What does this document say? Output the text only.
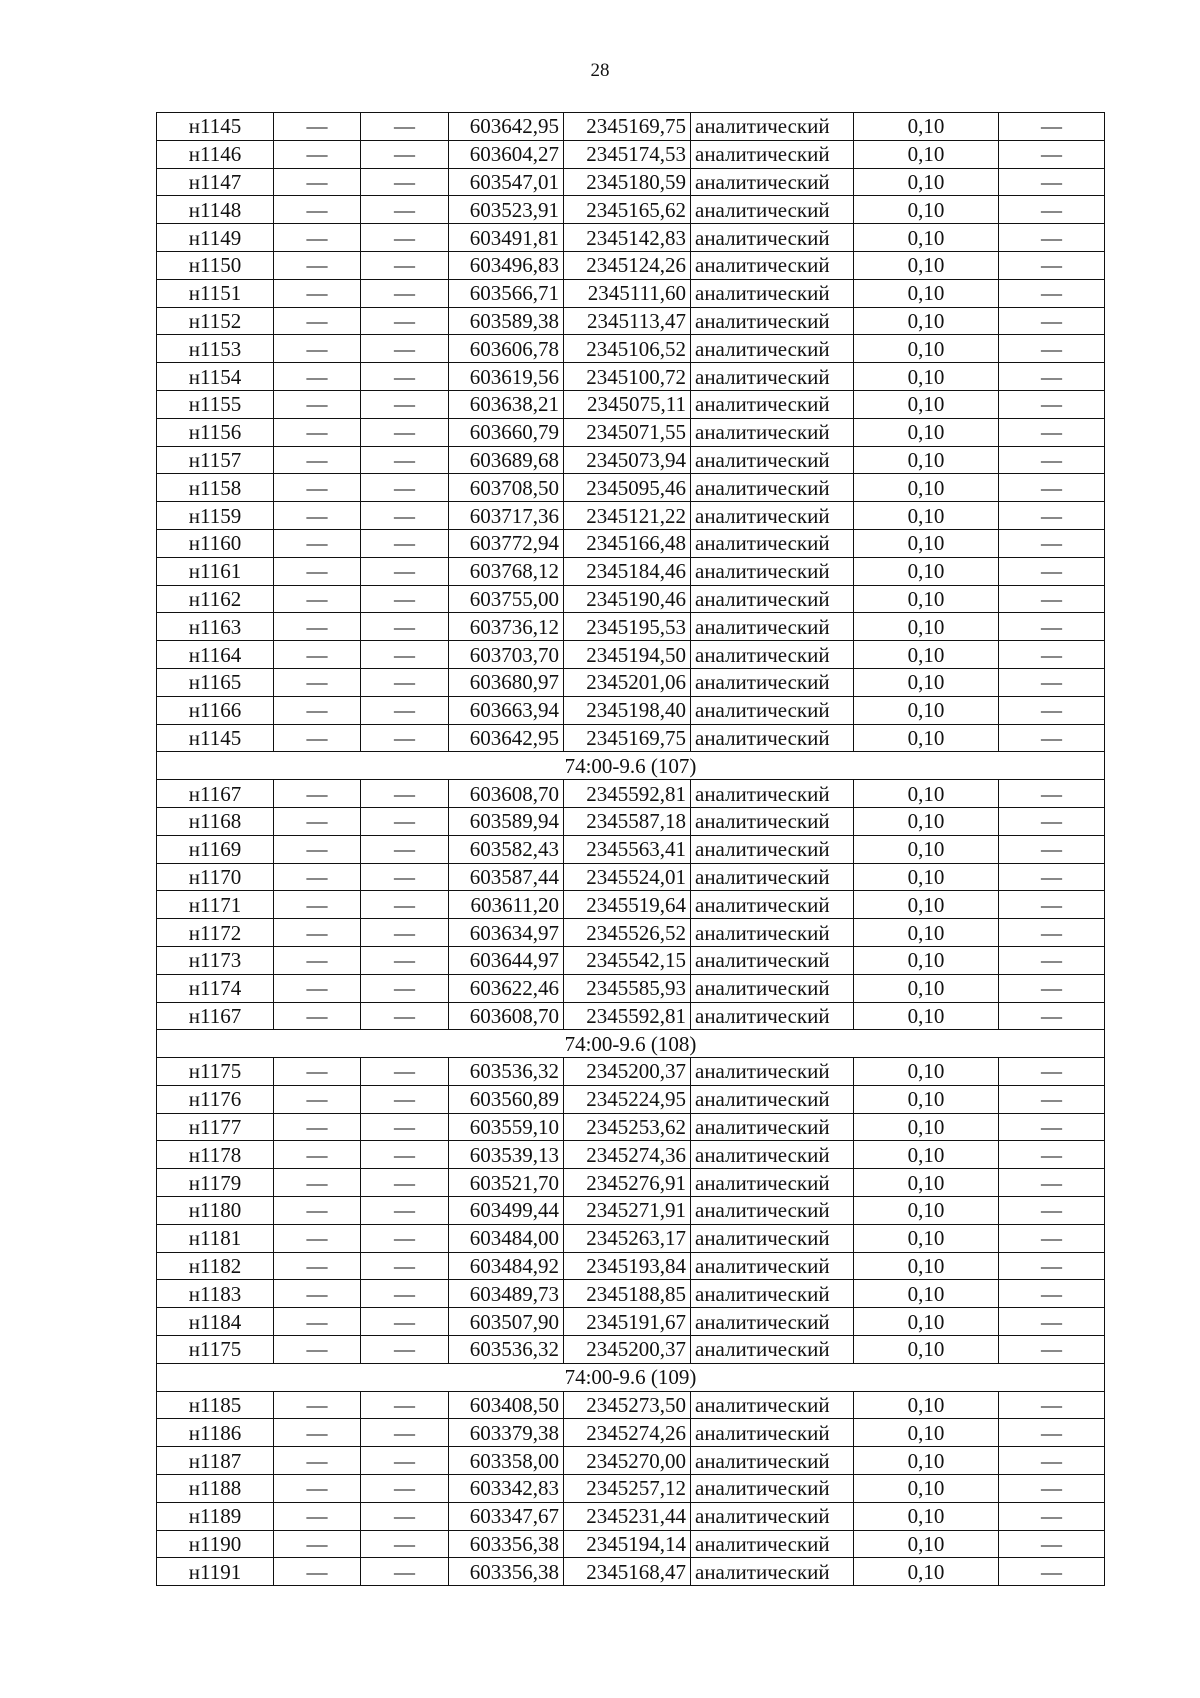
28
н1145	—	—	603642,95	2345169,75	аналитический	0,10	—
н1146	—	—	603604,27	2345174,53	аналитический	0,10	—
н1147	—	—	603547,01	2345180,59	аналитический	0,10	—
н1148	—	—	603523,91	2345165,62	аналитический	0,10	—
н1149	—	—	603491,81	2345142,83	аналитический	0,10	—
н1150	—	—	603496,83	2345124,26	аналитический	0,10	—
н1151	—	—	603566,71	2345111,60	аналитический	0,10	—
н1152	—	—	603589,38	2345113,47	аналитический	0,10	—
н1153	—	—	603606,78	2345106,52	аналитический	0,10	—
н1154	—	—	603619,56	2345100,72	аналитический	0,10	—
н1155	—	—	603638,21	2345075,11	аналитический	0,10	—
н1156	—	—	603660,79	2345071,55	аналитический	0,10	—
н1157	—	—	603689,68	2345073,94	аналитический	0,10	—
н1158	—	—	603708,50	2345095,46	аналитический	0,10	—
н1159	—	—	603717,36	2345121,22	аналитический	0,10	—
н1160	—	—	603772,94	2345166,48	аналитический	0,10	—
н1161	—	—	603768,12	2345184,46	аналитический	0,10	—
н1162	—	—	603755,00	2345190,46	аналитический	0,10	—
н1163	—	—	603736,12	2345195,53	аналитический	0,10	—
н1164	—	—	603703,70	2345194,50	аналитический	0,10	—
н1165	—	—	603680,97	2345201,06	аналитический	0,10	—
н1166	—	—	603663,94	2345198,40	аналитический	0,10	—
н1145	—	—	603642,95	2345169,75	аналитический	0,10	—
74:00-9.6 (107)							
н1167	—	—	603608,70	2345592,81	аналитический	0,10	—
н1168	—	—	603589,94	2345587,18	аналитический	0,10	—
н1169	—	—	603582,43	2345563,41	аналитический	0,10	—
н1170	—	—	603587,44	2345524,01	аналитический	0,10	—
н1171	—	—	603611,20	2345519,64	аналитический	0,10	—
н1172	—	—	603634,97	2345526,52	аналитический	0,10	—
н1173	—	—	603644,97	2345542,15	аналитический	0,10	—
н1174	—	—	603622,46	2345585,93	аналитический	0,10	—
н1167	—	—	603608,70	2345592,81	аналитический	0,10	—
74:00-9.6 (108)							
н1175	—	—	603536,32	2345200,37	аналитический	0,10	—
н1176	—	—	603560,89	2345224,95	аналитический	0,10	—
н1177	—	—	603559,10	2345253,62	аналитический	0,10	—
н1178	—	—	603539,13	2345274,36	аналитический	0,10	—
н1179	—	—	603521,70	2345276,91	аналитический	0,10	—
н1180	—	—	603499,44	2345271,91	аналитический	0,10	—
н1181	—	—	603484,00	2345263,17	аналитический	0,10	—
н1182	—	—	603484,92	2345193,84	аналитический	0,10	—
н1183	—	—	603489,73	2345188,85	аналитический	0,10	—
н1184	—	—	603507,90	2345191,67	аналитический	0,10	—
н1175	—	—	603536,32	2345200,37	аналитический	0,10	—
74:00-9.6 (109)							
н1185	—	—	603408,50	2345273,50	аналитический	0,10	—
н1186	—	—	603379,38	2345274,26	аналитический	0,10	—
н1187	—	—	603358,00	2345270,00	аналитический	0,10	—
н1188	—	—	603342,83	2345257,12	аналитический	0,10	—
н1189	—	—	603347,67	2345231,44	аналитический	0,10	—
н1190	—	—	603356,38	2345194,14	аналитический	0,10	—
н1191	—	—	603356,38	2345168,47	аналитический	0,10	—
